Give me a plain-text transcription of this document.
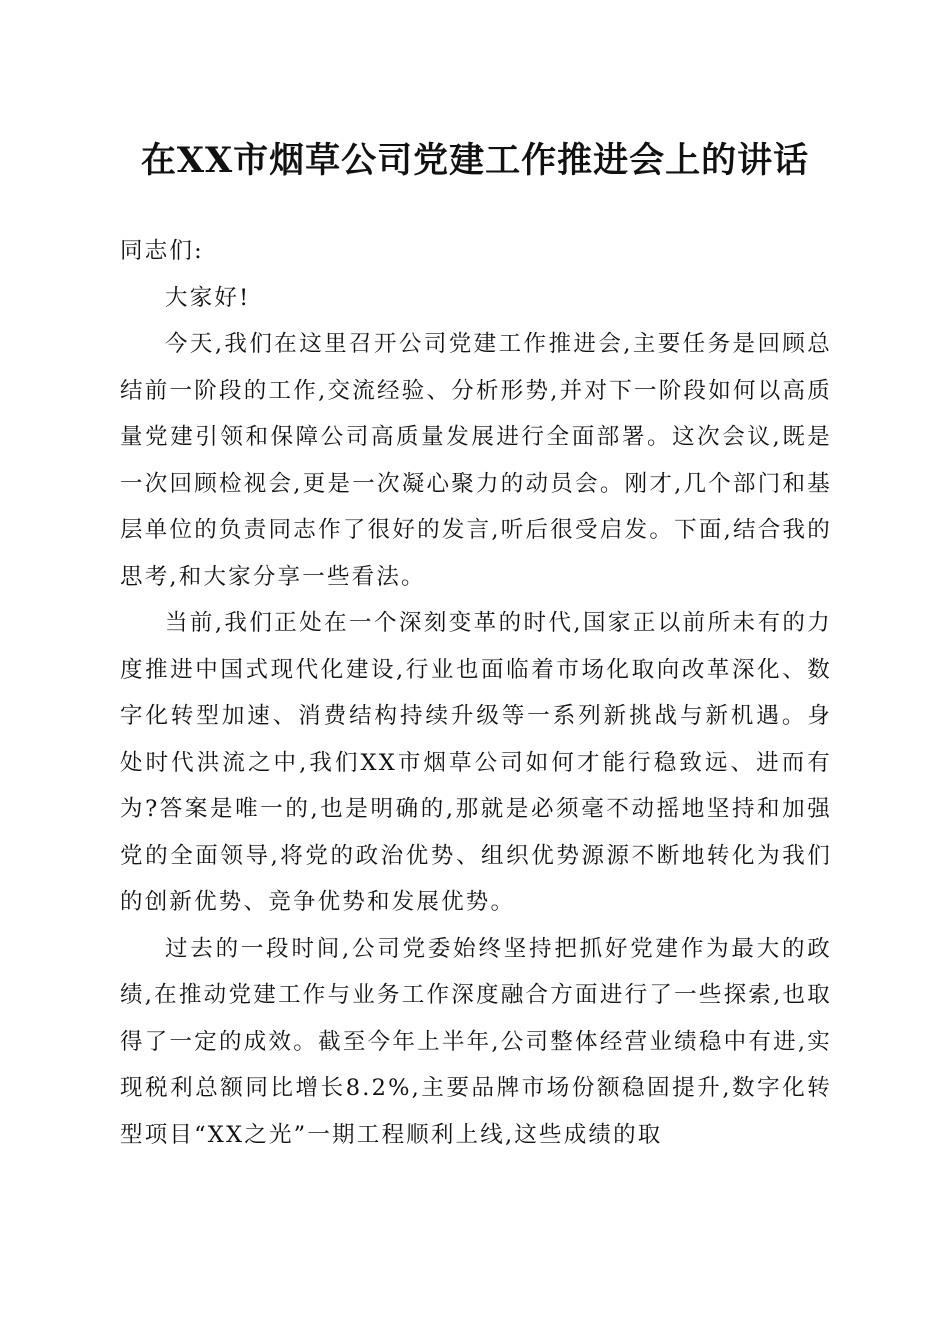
在XX市烟草公司党建工作推进会上的讲话

同志们:

大家好!

今天,我们在这里召开公司党建工作推进会,主要任务是回顾总结前一阶段的工作,交流经验、分析形势,并对下一阶段如何以高质量党建引领和保障公司高质量发展进行全面部署。这次会议,既是一次回顾检视会,更是一次凝心聚力的动员会。刚才,几个部门和基层单位的负责同志作了很好的发言,听后很受启发。下面,结合我的思考,和大家分享一些看法。

当前,我们正处在一个深刻变革的时代,国家正以前所未有的力度推进中国式现代化建设,行业也面临着市场化取向改革深化、数字化转型加速、消费结构持续升级等一系列新挑战与新机遇。身处时代洪流之中,我们XX市烟草公司如何才能行稳致远、进而有为?答案是唯一的,也是明确的,那就是必须毫不动摇地坚持和加强党的全面领导,将党的政治优势、组织优势源源不断地转化为我们的创新优势、竞争优势和发展优势。

过去的一段时间,公司党委始终坚持把抓好党建作为最大的政绩,在推动党建工作与业务工作深度融合方面进行了一些探索,也取得了一定的成效。截至今年上半年,公司整体经营业绩稳中有进,实现税利总额同比增长8.2%,主要品牌市场份额稳固提升,数字化转型项目“XX之光”一期工程顺利上线,这些成绩的取
